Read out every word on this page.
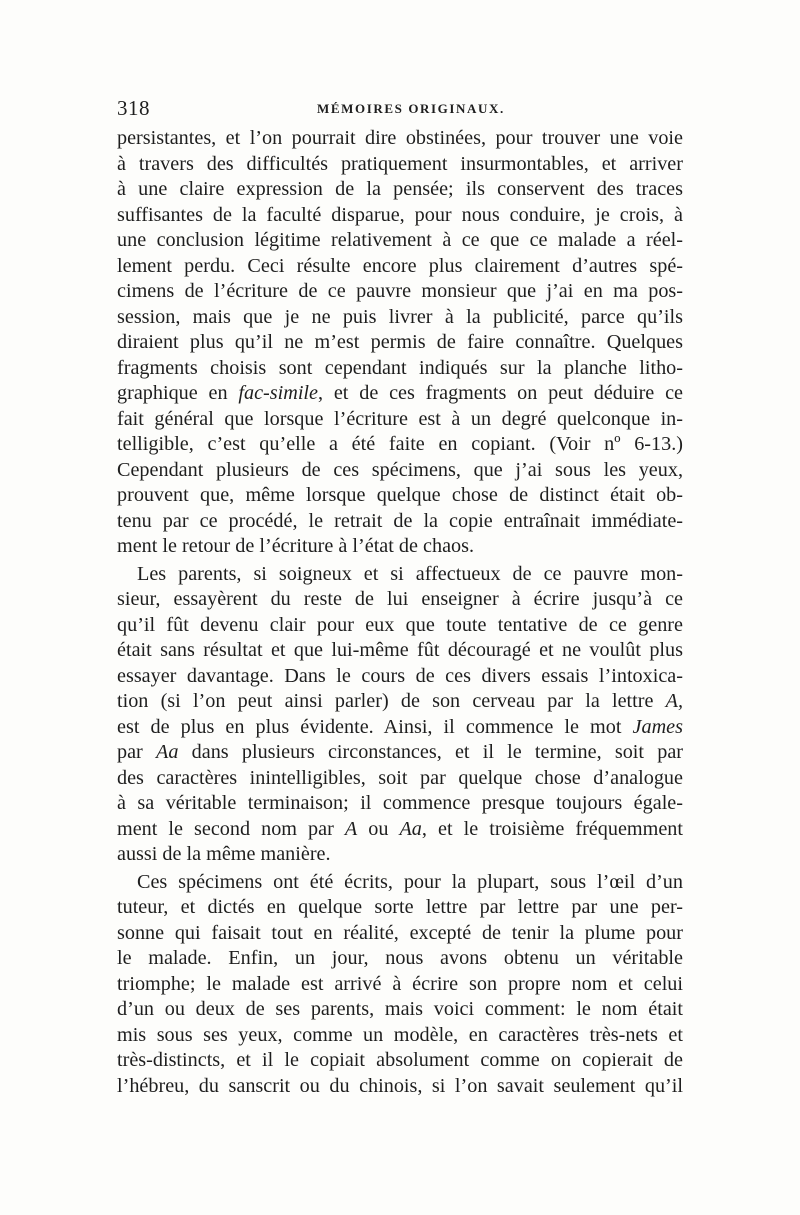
318	MÉMOIRES ORIGINAUX.
persistantes, et l’on pourrait dire obstinées, pour trouver une voie
à travers des difficultés pratiquement insurmontables, et arriver
à une claire expression de la pensée; ils conservent des traces
suffisantes de la faculté disparue, pour nous conduire, je crois, à
une conclusion légitime relativement à ce que ce malade a réel-
lement perdu. Ceci résulte encore plus clairement d’autres spé-
cimens de l’écriture de ce pauvre monsieur que j’ai en ma pos-
session, mais que je ne puis livrer à la publicité, parce qu’ils
diraient plus qu’il ne m’est permis de faire connaître. Quelques
fragments choisis sont cependant indiqués sur la planche litho-
graphique en fac-simile, et de ces fragments on peut déduire ce
fait général que lorsque l’écriture est à un degré quelconque in-
telligible, c’est qu’elle a été faite en copiant. (Voir nº 6-13.)
Cependant plusieurs de ces spécimens, que j’ai sous les yeux,
prouvent que, même lorsque quelque chose de distinct était ob-
tenu par ce procédé, le retrait de la copie entraînait immédiate-
ment le retour de l’écriture à l’état de chaos.
Les parents, si soigneux et si affectueux de ce pauvre mon-
sieur, essayèrent du reste de lui enseigner à écrire jusqu’à ce
qu’il fût devenu clair pour eux que toute tentative de ce genre
était sans résultat et que lui-même fût découragé et ne voulût plus
essayer davantage. Dans le cours de ces divers essais l’intoxica-
tion (si l’on peut ainsi parler) de son cerveau par la lettre A,
est de plus en plus évidente. Ainsi, il commence le mot James
par Aa dans plusieurs circonstances, et il le termine, soit par
des caractères inintelligibles, soit par quelque chose d’analogue
à sa véritable terminaison; il commence presque toujours égale-
ment le second nom par A ou Aa, et le troisième fréquemment
aussi de la même manière.
Ces spécimens ont été écrits, pour la plupart, sous l’œil d’un
tuteur, et dictés en quelque sorte lettre par lettre par une per-
sonne qui faisait tout en réalité, excepté de tenir la plume pour
le malade. Enfin, un jour, nous avons obtenu un véritable
triomphe; le malade est arrivé à écrire son propre nom et celui
d’un ou deux de ses parents, mais voici comment: le nom était
mis sous ses yeux, comme un modèle, en caractères très-nets et
très-distincts, et il le copiait absolument comme on copierait de
l’hébreu, du sanscrit ou du chinois, si l’on savait seulement qu’il
